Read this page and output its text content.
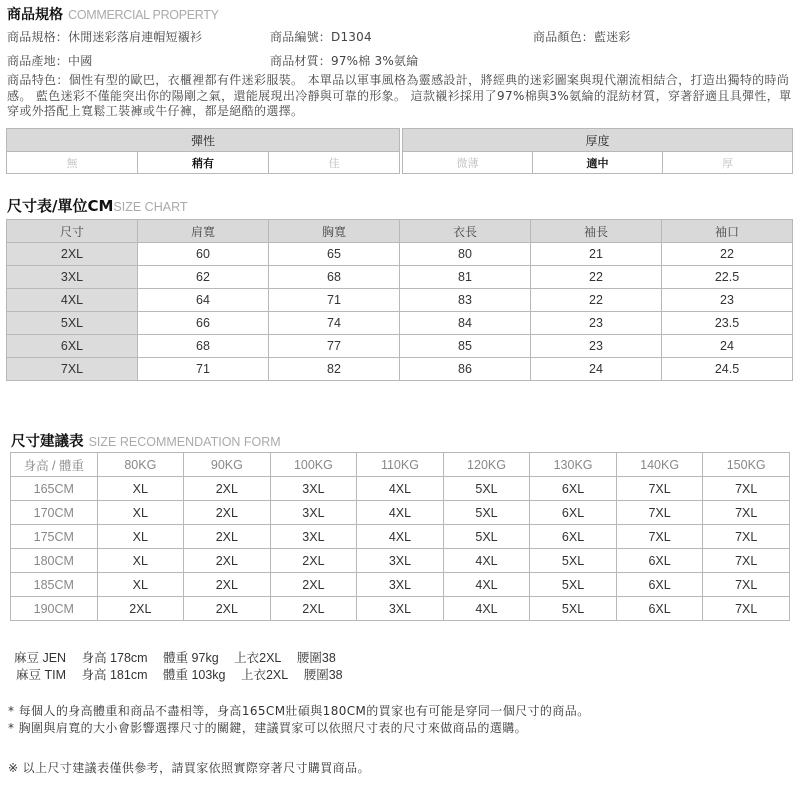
商品規格 COMMERCIAL PROPERTY
商品規格：休閒迷彩落肩連帽短襯衫	商品編號：D1304	商品顏色：藍迷彩
商品產地：中國	商品材質：97%棉 3%氨綸
商品特色：個性有型的歐巴，衣櫃裡都有件迷彩服裝。 本單品以軍事風格為靈感設計，將經典的迷彩圖案與現代潮流相結合，打造出獨特的時尚感。 藍色迷彩不僅能突出你的陽剛之氣，還能展現出冷靜與可靠的形象。 這款襯衫採用了97%棉與3%氨綸的混紡材質，穿著舒適且具彈性，單穿或外搭配上寬鬆工裝褲或牛仔褲，都是絕酷的選擇。
彈性
無	稍有	佳
厚度
微薄	適中	厚
尺寸表/單位CMSIZE CHART
尺寸	肩寬	胸寬	衣長	袖長	袖口
2XL	60	65	80	21	22
3XL	62	68	81	22	22.5
4XL	64	71	83	22	23
5XL	66	74	84	23	23.5
6XL	68	77	85	23	24
7XL	71	82	86	24	24.5
尺寸建議表 SIZE RECOMMENDATION FORM
身高 / 體重	80KG	90KG	100KG	110KG	120KG	130KG	140KG	150KG
165CM	XL	2XL	3XL	4XL	5XL	6XL	7XL	7XL
170CM	XL	2XL	3XL	4XL	5XL	6XL	7XL	7XL
175CM	XL	2XL	3XL	4XL	5XL	6XL	7XL	7XL
180CM	XL	2XL	2XL	3XL	4XL	5XL	6XL	7XL
185CM	XL	2XL	2XL	3XL	4XL	5XL	6XL	7XL
190CM	2XL	2XL	2XL	3XL	4XL	5XL	6XL	7XL
麻豆 JEN 身高 178cm 體重 97kg 上衣2XL 腰圍38
麻豆 TIM 身高 181cm 體重 103kg 上衣2XL 腰圍38
* 每個人的身高體重和商品不盡相等，身高165CM壯碩與180CM的買家也有可能是穿同一個尺寸的商品。
* 胸圍與肩寬的大小會影響選擇尺寸的關鍵，建議買家可以依照尺寸表的尺寸來做商品的選購。
※ 以上尺寸建議表僅供參考，請買家依照實際穿著尺寸購買商品。
